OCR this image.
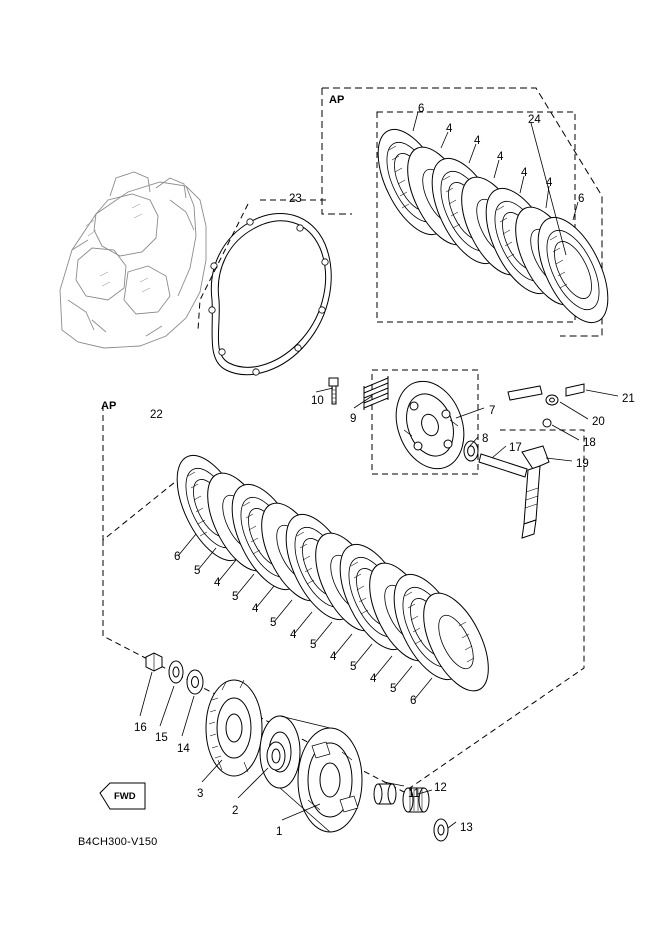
AP
AP
6
4
4
4
4
4
6
24
23
22
10
9
7
8
17
21
20
18
19
6
5
4
5
4
5
4
5
4
5
4
5
6
16
15
14
3
2
1
11 12
13
FWD
B4CH300-V150
